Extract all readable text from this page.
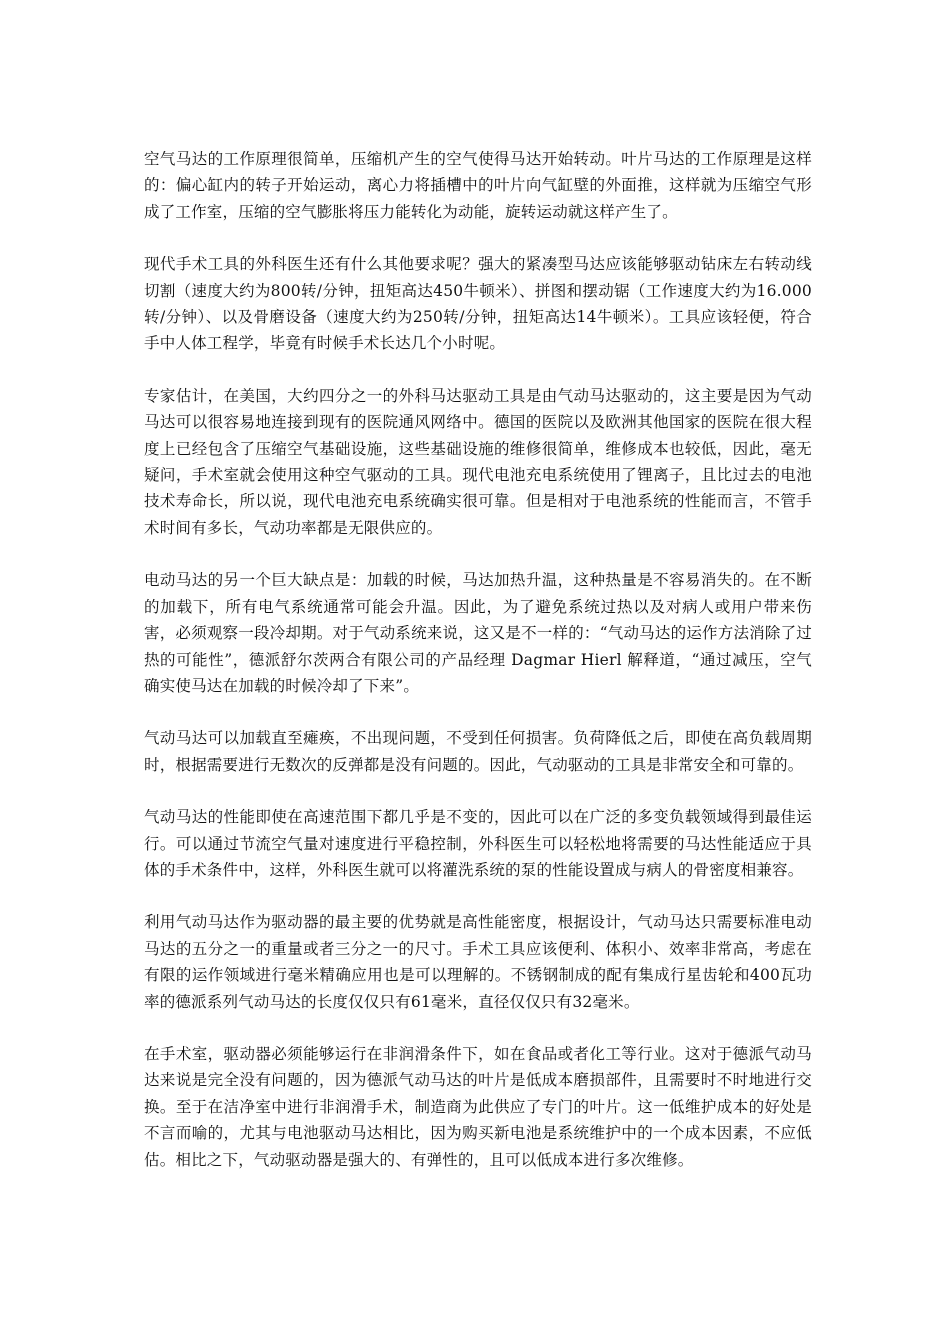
空气马达的工作原理很简单，压缩机产生的空气使得马达开始转动。叶片马达的工作原理是这样的：偏心缸内的转子开始运动，离心力将插槽中的叶片向气缸壁的外面推，这样就为压缩空气形成了工作室，压缩的空气膨胀将压力能转化为动能，旋转运动就这样产生了。

现代手术工具的外科医生还有什么其他要求呢？强大的紧凑型马达应该能够驱动钻床左右转动线切割（速度大约为800转/分钟，扭矩高达450牛顿米）、拼图和摆动锯（工作速度大约为16.000转/分钟）、以及骨磨设备（速度大约为250转/分钟，扭矩高达14牛顿米）。工具应该轻便，符合手中人体工程学，毕竟有时候手术长达几个小时呢。

专家估计，在美国，大约四分之一的外科马达驱动工具是由气动马达驱动的，这主要是因为气动马达可以很容易地连接到现有的医院通风网络中。德国的医院以及欧洲其他国家的医院在很大程度上已经包含了压缩空气基础设施，这些基础设施的维修很简单，维修成本也较低，因此，毫无疑问，手术室就会使用这种空气驱动的工具。现代电池充电系统使用了锂离子，且比过去的电池技术寿命长，所以说，现代电池充电系统确实很可靠。但是相对于电池系统的性能而言，不管手术时间有多长，气动功率都是无限供应的。

电动马达的另一个巨大缺点是：加载的时候，马达加热升温，这种热量是不容易消失的。在不断的加载下，所有电气系统通常可能会升温。因此，为了避免系统过热以及对病人或用户带来伤害，必须观察一段冷却期。对于气动系统来说，这又是不一样的：“气动马达的运作方法消除了过热的可能性”，德派舒尔茨两合有限公司的产品经理 Dagmar Hierl 解释道，“通过减压，空气确实使马达在加载的时候冷却了下来”。

气动马达可以加载直至瘫痪，不出现问题，不受到任何损害。负荷降低之后，即使在高负载周期时，根据需要进行无数次的反弹都是没有问题的。因此，气动驱动的工具是非常安全和可靠的。

气动马达的性能即使在高速范围下都几乎是不变的，因此可以在广泛的多变负载领域得到最佳运行。可以通过节流空气量对速度进行平稳控制，外科医生可以轻松地将需要的马达性能适应于具体的手术条件中，这样，外科医生就可以将灌洗系统的泵的性能设置成与病人的骨密度相兼容。

利用气动马达作为驱动器的最主要的优势就是高性能密度，根据设计，气动马达只需要标准电动马达的五分之一的重量或者三分之一的尺寸。手术工具应该便利、体积小、效率非常高，考虑在有限的运作领域进行毫米精确应用也是可以理解的。不锈钢制成的配有集成行星齿轮和400瓦功率的德派系列气动马达的长度仅仅只有61毫米，直径仅仅只有32毫米。

在手术室，驱动器必须能够运行在非润滑条件下，如在食品或者化工等行业。这对于德派气动马达来说是完全没有问题的，因为德派气动马达的叶片是低成本磨损部件，且需要时不时地进行交换。至于在洁净室中进行非润滑手术，制造商为此供应了专门的叶片。这一低维护成本的好处是不言而喻的，尤其与电池驱动马达相比，因为购买新电池是系统维护中的一个成本因素，不应低估。相比之下，气动驱动器是强大的、有弹性的，且可以低成本进行多次维修。
